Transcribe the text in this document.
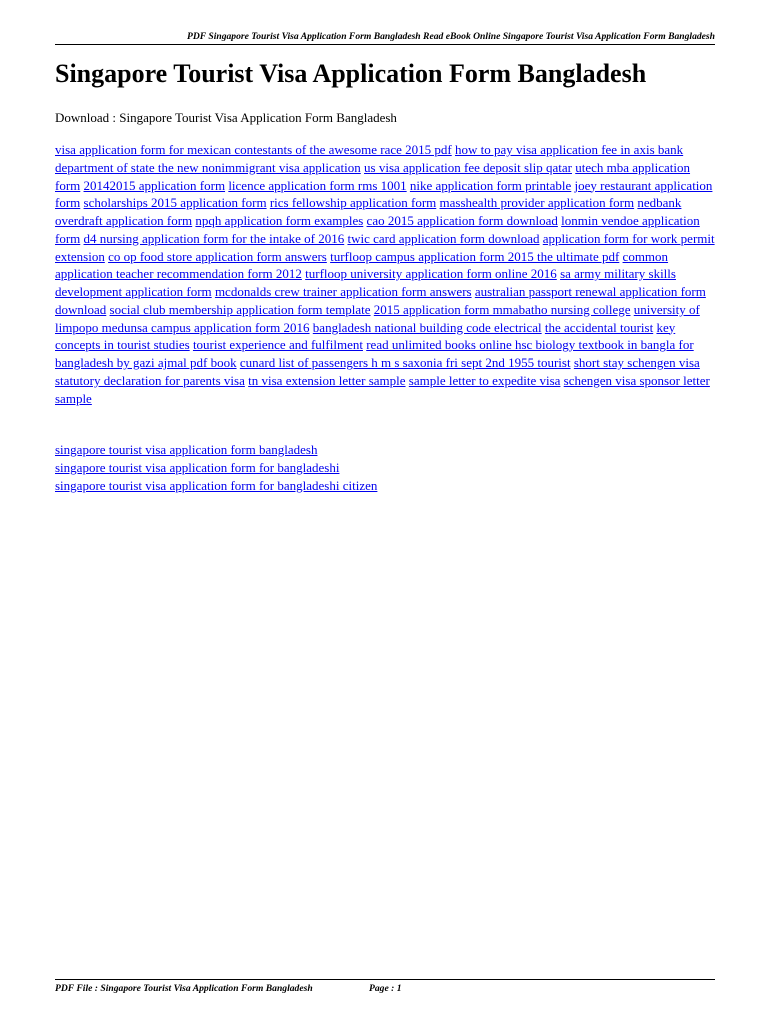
PDF Singapore Tourist Visa Application Form Bangladesh Read eBook Online Singapore Tourist Visa Application Form Bangladesh
Singapore Tourist Visa Application Form Bangladesh
Download : Singapore Tourist Visa Application Form Bangladesh
visa application form for mexican contestants of the awesome race 2015 pdf how to pay visa application fee in axis bank department of state the new nonimmigrant visa application us visa application fee deposit slip qatar utech mba application form 20142015 application form licence application form rms 1001 nike application form printable joey restaurant application form scholarships 2015 application form rics fellowship application form masshealth provider application form nedbank overdraft application form npqh application form examples cao 2015 application form download lonmin vendoe application form d4 nursing application form for the intake of 2016 twic card application form download application form for work permit extension co op food store application form answers turfloop campus application form 2015 the ultimate pdf common application teacher recommendation form 2012 turfloop university application form online 2016 sa army military skills development application form mcdonalds crew trainer application form answers australian passport renewal application form download social club membership application form template 2015 application form mmabatho nursing college university of limpopo medunsa campus application form 2016 bangladesh national building code electrical the accidental tourist key concepts in tourist studies tourist experience and fulfilment read unlimited books online hsc biology textbook in bangla for bangladesh by gazi ajmal pdf book cunard list of passengers h m s saxonia fri sept 2nd 1955 tourist short stay schengen visa statutory declaration for parents visa tn visa extension letter sample sample letter to expedite visa schengen visa sponsor letter sample
singapore tourist visa application form bangladesh
singapore tourist visa application form for bangladeshi
singapore tourist visa application form for bangladeshi citizen
PDF File : Singapore Tourist Visa Application Form Bangladesh	Page : 1
